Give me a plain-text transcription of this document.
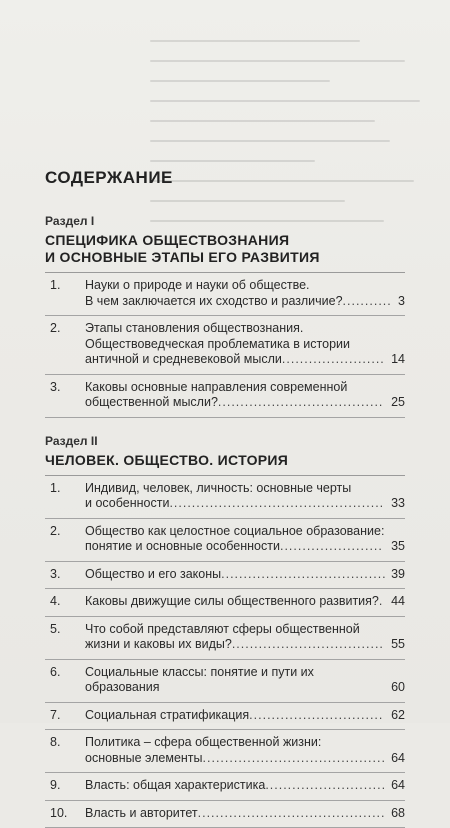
СОДЕРЖАНИЕ
Раздел I
СПЕЦИФИКА ОБЩЕСТВОЗНАНИЯ
И ОСНОВНЫЕ ЭТАПЫ ЕГО РАЗВИТИЯ
1.	Науки о природе и науки об обществе.
В чем заключается их сходство и различие?........... 3
2.	Этапы становления обществознания.
Обществоведческая проблематика в истории
античной и средневековой мысли....................... 14
3.	Каковы основные направления современной
общественной мысли?..................................... 25
Раздел II
ЧЕЛОВЕК. ОБЩЕСТВО. ИСТОРИЯ
1.	Индивид, человек, личность: основные черты
и особенности................................................ 33
2.	Общество как целостное социальное образование:
понятие и основные особенности....................... 35
3.	Общество и его законы..................................... 39
4.	Каковы движущие силы общественного развития?. 44
5.	Что собой представляют сферы общественной
жизни и каковы их виды?.................................. 55
6.	Социальные классы: понятие и пути их образования	60
7.	Социальная стратификация.............................. 62
8.	Политика – сфера общественной жизни:
основные элементы......................................... 64
9.	Власть: общая характеристика........................... 64
10.	Власть и авторитет.......................................... 68
